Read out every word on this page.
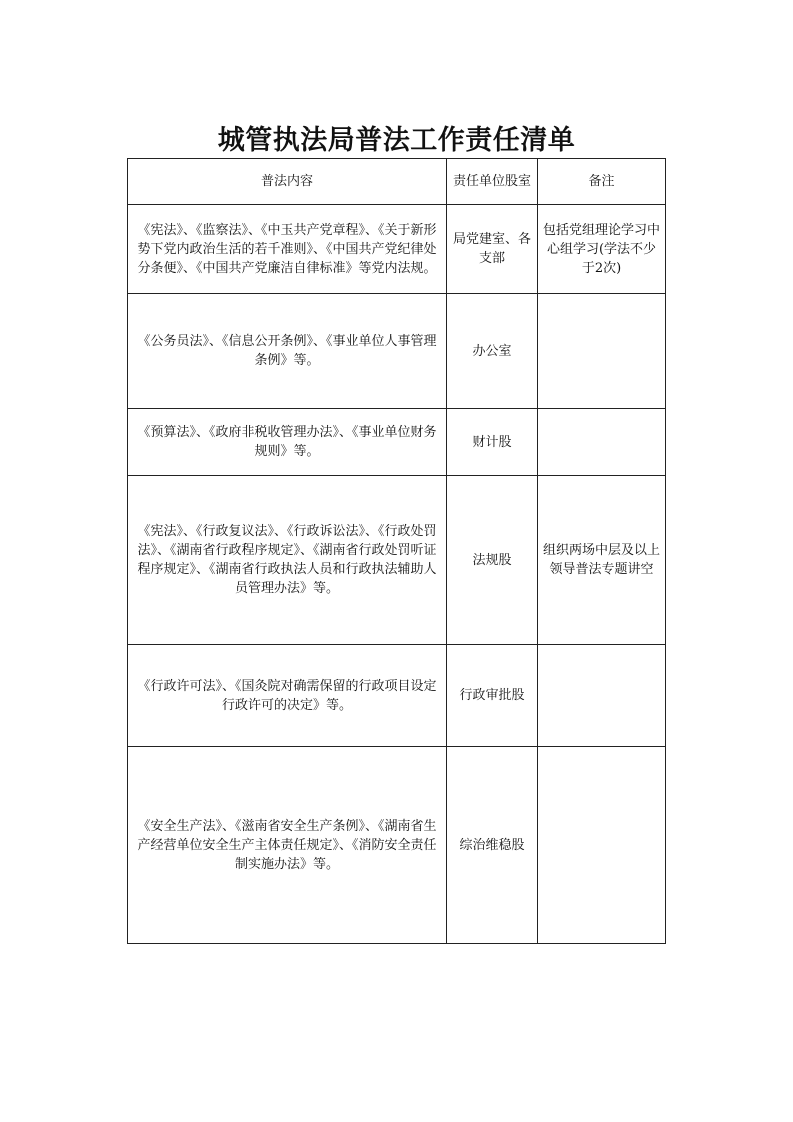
城管执法局普法工作责任清单
普法内容	责任单位股室	备注
《宪法》、《监察法》、《中玉共产党章程》、《关于新形势下党内政治生活的若千准则》、《中国共产党纪律处分条便》、《中国共产党廉洁自律标准》等党内法规。	局党建室、各支部	包括党组理论学习中心组学习(学法不少于2次)
《公务员法》、《信息公开条例》、《事业单位人事管理条例》等。	办公室	
《预算法》、《政府非税收管理办法》、《事业单位财务规则》等。	财计股	
《宪法》、《行政复议法》、《行政诉讼法》、《行政处罚法》、《湖南省行政程序规定》、《湖南省行政处罚听证程序规定》、《湖南省行政执法人员和行政执法辅助人员管理办法》等。	法规股	组织两场中层及以上领导普法专题讲空
《行政许可法》、《国灸院对确需保留的行政项目设定行政许可的决定》等。	行政审批股	
《安全生产法》、《滋南省安全生产条例》、《湖南省生产经营单位安全生产主体责任规定》、《消防安全责任制实施办法》等。	综治维稳股	
